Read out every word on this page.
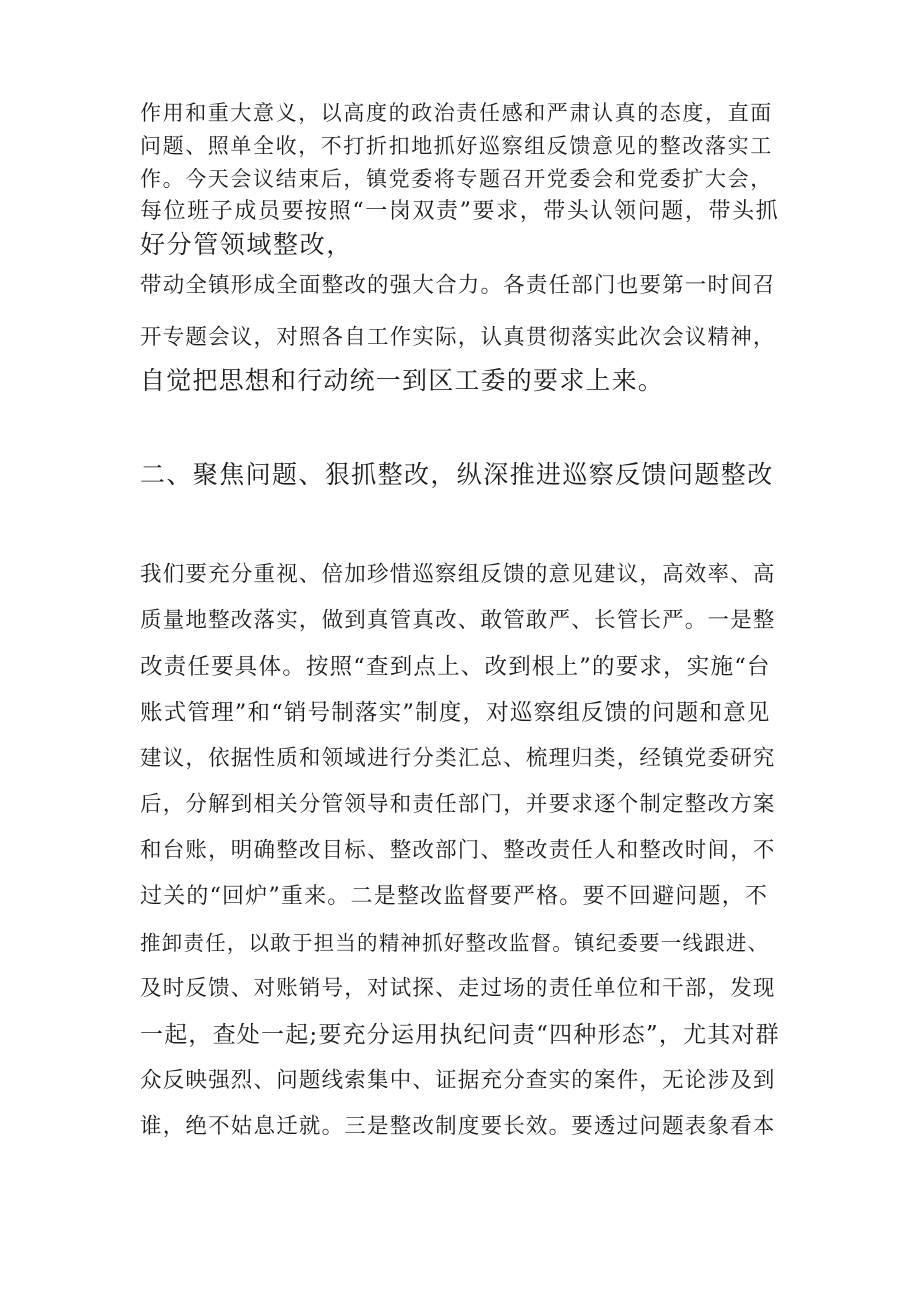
作用和重大意义，以高度的政治责任感和严肃认真的态度，直面
问题、照单全收，不打折扣地抓好巡察组反馈意见的整改落实工
作。今天会议结束后，镇党委将专题召开党委会和党委扩大会，
每位班子成员要按照“一岗双责”要求，带头认领问题，带头抓
好分管领域整改，
带动全镇形成全面整改的强大合力。各责任部门也要第一时间召
开专题会议，对照各自工作实际，认真贯彻落实此次会议精神，
自觉把思想和行动统一到区工委的要求上来。
二、聚焦问题、狠抓整改，纵深推进巡察反馈问题整改
我们要充分重视、倍加珍惜巡察组反馈的意见建议，高效率、高
质量地整改落实，做到真管真改、敢管敢严、长管长严。一是整
改责任要具体。按照“查到点上、改到根上”的要求，实施“台
账式管理”和“销号制落实”制度，对巡察组反馈的问题和意见
建议，依据性质和领域进行分类汇总、梳理归类，经镇党委研究
后，分解到相关分管领导和责任部门，并要求逐个制定整改方案
和台账，明确整改目标、整改部门、整改责任人和整改时间，不
过关的“回炉”重来。二是整改监督要严格。要不回避问题，不
推卸责任，以敢于担当的精神抓好整改监督。镇纪委要一线跟进、
及时反馈、对账销号，对试探、走过场的责任单位和干部，发现
一起，查处一起;要充分运用执纪问责“四种形态”，尤其对群
众反映强烈、问题线索集中、证据充分查实的案件，无论涉及到
谁，绝不姑息迁就。三是整改制度要长效。要透过问题表象看本
